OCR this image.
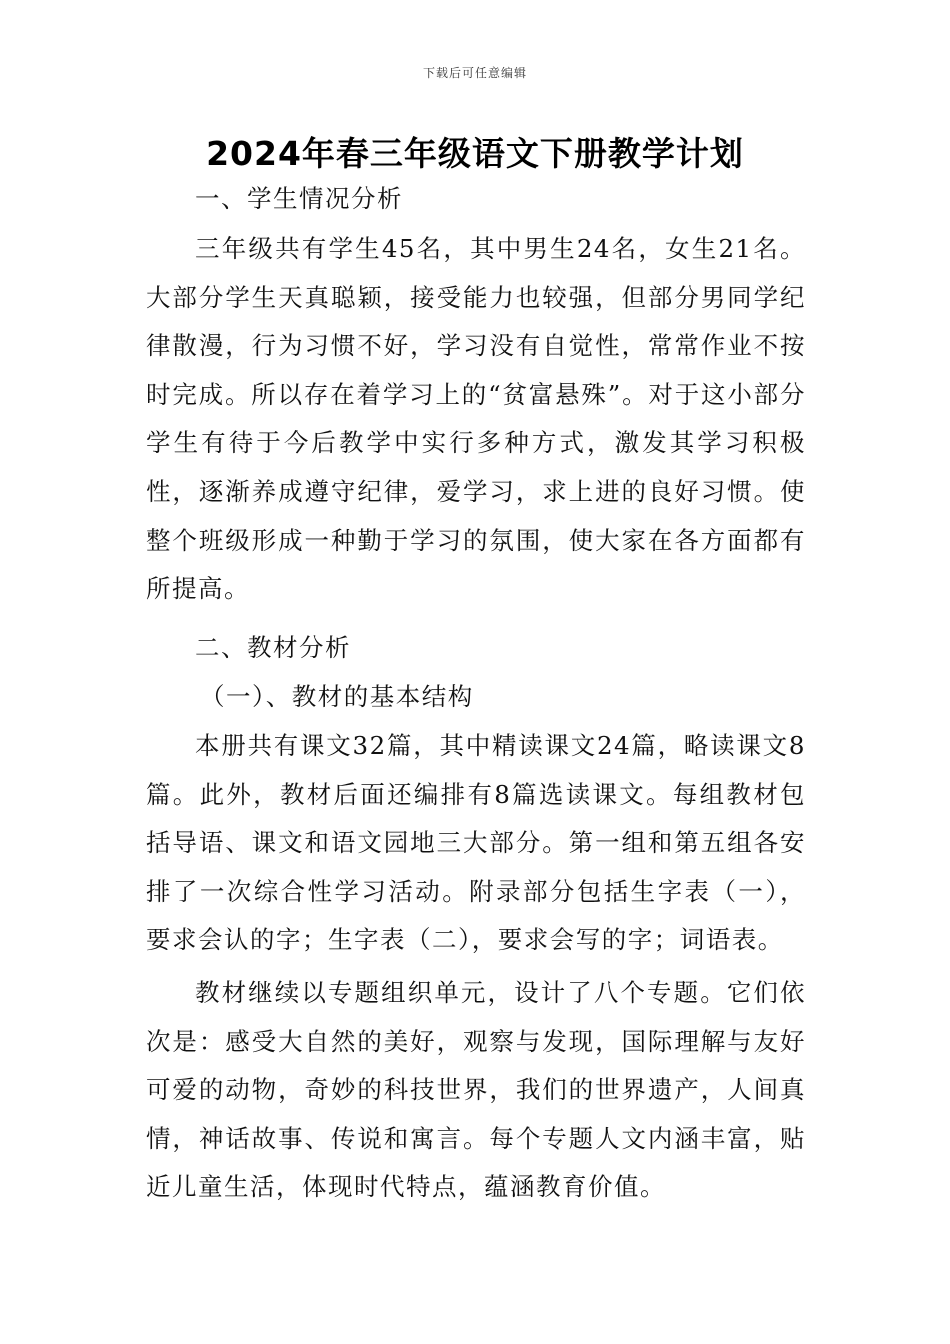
下载后可任意编辑
2024年春三年级语文下册教学计划

一、学生情况分析

三年级共有学生45名，其中男生24名，女生21名。大部分学生天真聪颖，接受能力也较强，但部分男同学纪律散漫，行为习惯不好，学习没有自觉性，常常作业不按时完成。所以存在着学习上的“贫富悬殊”。对于这小部分学生有待于今后教学中实行多种方式，激发其学习积极性，逐渐养成遵守纪律，爱学习，求上进的良好习惯。使整个班级形成一种勤于学习的氛围，使大家在各方面都有所提高。

二、教材分析

（一）、教材的基本结构

本册共有课文32篇，其中精读课文24篇，略读课文8篇。此外，教材后面还编排有8篇选读课文。每组教材包括导语、课文和语文园地三大部分。第一组和第五组各安排了一次综合性学习活动。附录部分包括生字表（一），要求会认的字；生字表（二），要求会写的字；词语表。

教材继续以专题组织单元，设计了八个专题。它们依次是：感受大自然的美好，观察与发现，国际理解与友好可爱的动物，奇妙的科技世界，我们的世界遗产，人间真情，神话故事、传说和寓言。每个专题人文内涵丰富，贴近儿童生活，体现时代特点，蕴涵教育价值。
